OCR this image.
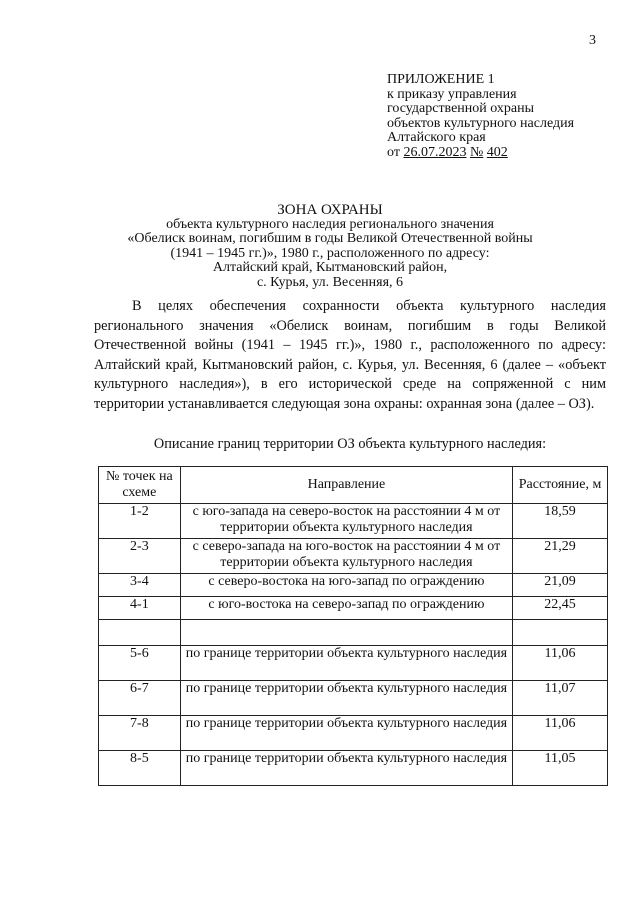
3
ПРИЛОЖЕНИЕ 1
к приказу управления
государственной охраны
объектов культурного наследия
Алтайского края
от 26.07.2023 № 402
ЗОНА ОХРАНЫ
объекта культурного наследия регионального значения
«Обелиск воинам, погибшим в годы Великой Отечественной войны
(1941 – 1945 гг.)», 1980 г., расположенного по адресу:
Алтайский край, Кытмановский район,
с. Курья, ул. Весенняя, 6
В целях обеспечения сохранности объекта культурного наследия регионального значения «Обелиск воинам, погибшим в годы Великой Отечественной войны (1941 – 1945 гг.)», 1980 г., расположенного по адресу: Алтайский край, Кытмановский район, с. Курья, ул. Весенняя, 6 (далее – «объект культурного наследия»), в его исторической среде на сопряженной с ним территории устанавливается следующая зона охраны: охранная зона (далее – ОЗ).
Описание границ территории ОЗ объекта культурного наследия:
№ точек на схеме	Направление	Расстояние, м
1-2	с юго-запада на северо-восток на расстоянии 4 м от территории объекта культурного наследия	18,59
2-3	с северо-запада на юго-восток на расстоянии 4 м от территории объекта культурного наследия	21,29
3-4	с северо-востока на юго-запад по ограждению	21,09
4-1	с юго-востока на северо-запад по ограждению	22,45

5-6	по границе территории объекта культурного наследия	11,06
6-7	по границе территории объекта культурного наследия	11,07
7-8	по границе территории объекта культурного наследия	11,06
8-5	по границе территории объекта культурного наследия	11,05
